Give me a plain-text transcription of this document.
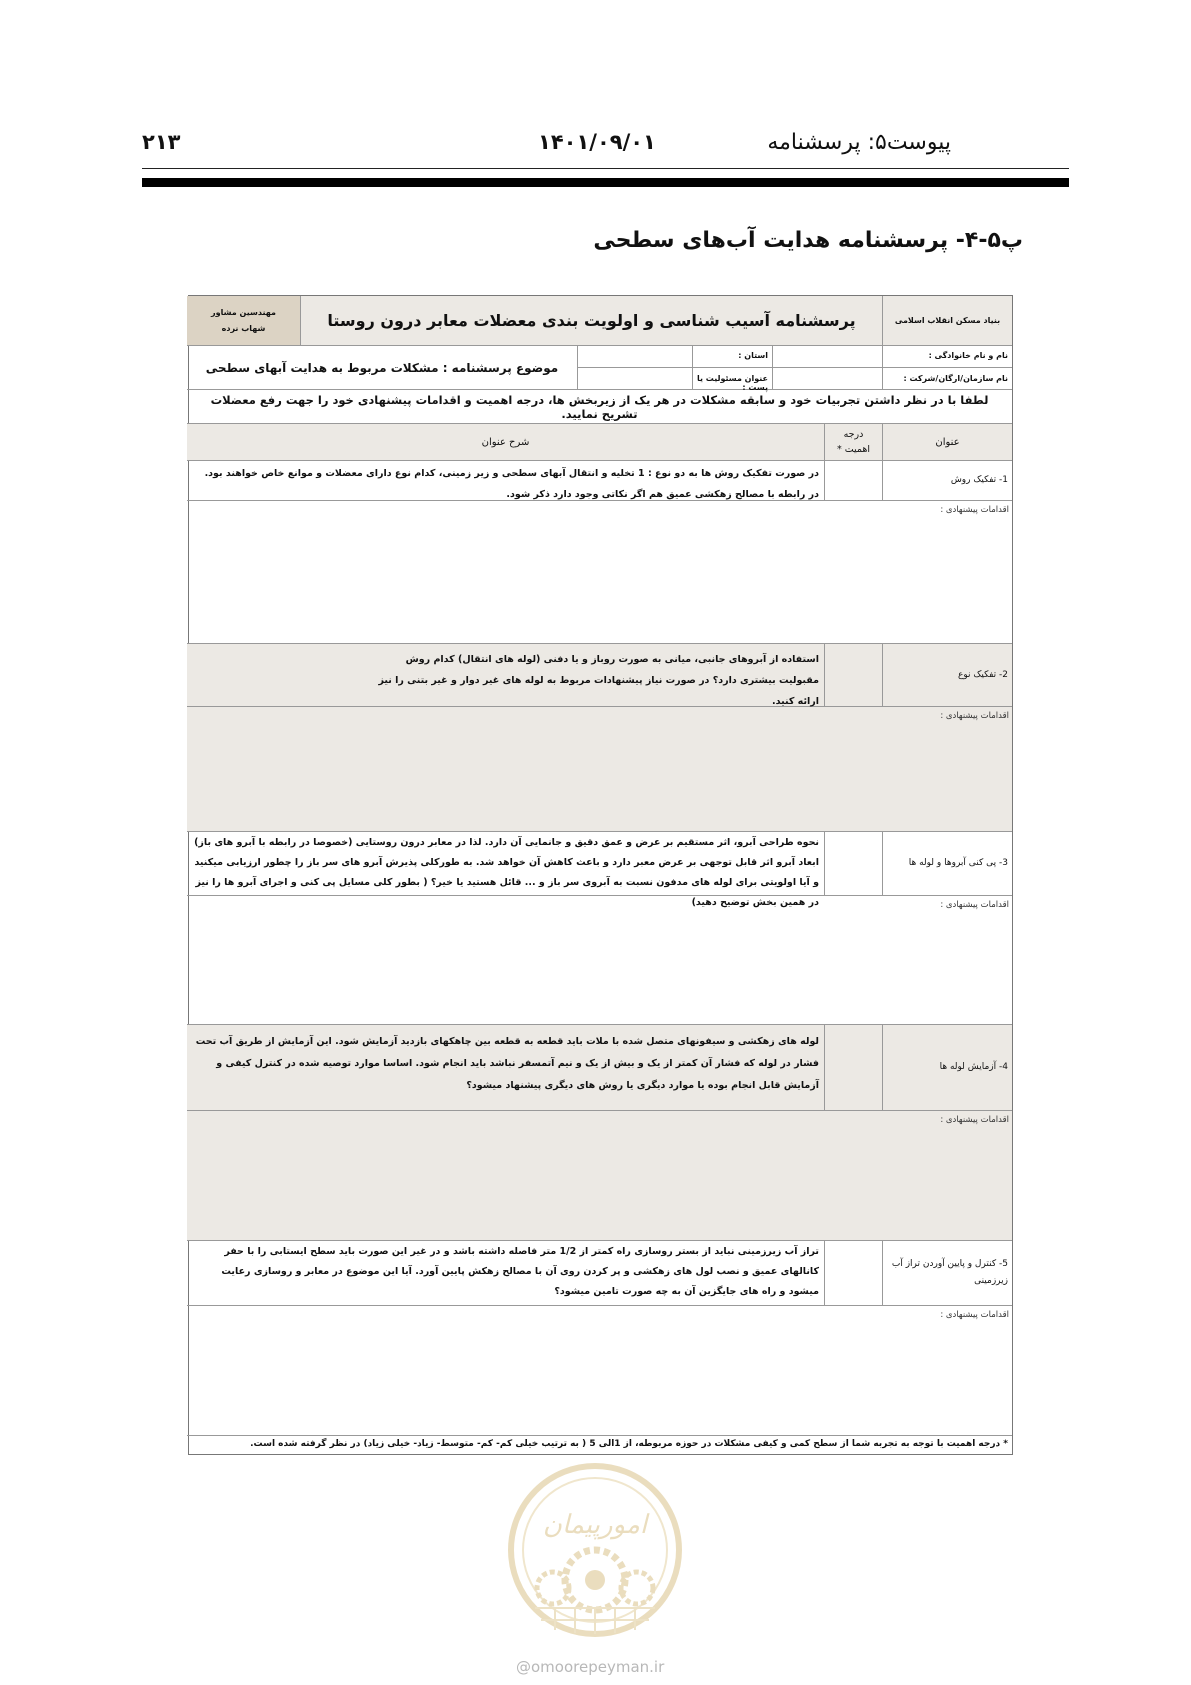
پیوست۵: پرسشنامه
۱۴۰۱/۰۹/۰۱
۲۱۳
پ۵-۴- پرسشنامه هدایت آب‌های سطحی
بنیاد مسکن انقلاب اسلامی
پرسشنامه آسیب شناسی و اولویت بندی معضلات معابر درون روستا
مهندسین مشاور
شهاب نرده
نام و نام خانوادگی :
استان :
نام سازمان/ارگان/شرکت :
عنوان مسئولیت یا پست :
موضوع پرسشنامه : مشکلات مربوط به هدایت آبهای سطحی
لطفا با در نظر داشتن تجربیات خود و سابقه مشکلات در هر یک از زیربخش ها، درجه اهمیت و اقدامات پیشنهادی خود را جهت رفع معضلات تشریح نمایید.
عنوان
درجه اهمیت *
شرح عنوان
1- تفکیک روش
در صورت تفکیک روش ها به دو نوع : 1 تخلیه و انتقال آبهای سطحی و زیر زمینی، کدام نوع دارای معضلات و موانع خاص خواهند بود. در رابطه با مصالح زهکشی عمیق هم اگر نکاتی وجود دارد ذکر شود.
اقدامات پیشنهادی :
2- تفکیک نوع
استفاده از آبروهای جانبی، میانی به صورت روباز و یا دفنی (لوله های انتقال) کدام روش مقبولیت بیشتری دارد؟ در صورت نیاز پیشنهادات مربوط به لوله های غیر دوار و غیر بتنی را نیز ارائه کنید.
اقدامات پیشنهادی :
3- پی کنی آبروها و لوله ها
نحوه طراحی آبرو، اثر مستقیم بر عرض و عمق دقیق و جانمایی آن دارد. لذا در معابر درون روستایی (خصوصا در رابطه با آبرو های باز) ابعاد آبرو اثر قابل توجهی بر عرض معبر دارد و باعث کاهش آن خواهد شد. به طورکلی پذیرش آبرو های سر باز را چطور ارزیابی میکنید و آیا اولویتی برای لوله های مدفون نسبت به آبروی سر باز و ... قائل هستید یا خیر؟ ( بطور کلی مسایل پی کنی و اجرای آبرو ها را نیز در همین بخش توضیح دهید)	اقدامات پیشنهادی :
4- آزمایش لوله ها
لوله های زهکشی و سیفونهای متصل شده با ملات باید قطعه به قطعه بین چاهکهای بازدید آزمایش شود. این آزمایش از طریق آب تحت فشار در لوله که فشار آن کمتر از یک و بیش از یک و نیم آتمسفر نباشد باید انجام شود. اساسا موارد توصیه شده در کنترل کیفی و آزمایش قابل انجام بوده یا موارد دیگری یا روش های دیگری پیشنهاد میشود؟
اقدامات پیشنهادی :
5- کنترل و پایین آوردن تراز آب زیرزمینی
تراز آب زیرزمینی نباید از بستر روسازی راه کمتر از 1/2 متر فاصله داشته باشد و در غیر این صورت باید سطح ایستابی را با حفر کانالهای عمیق و نصب لول های زهکشی و پر کردن روی آن با مصالح زهکش پایین آورد. آیا این موضوع در معابر و روسازی رعایت میشود و راه های جایگزین آن به چه صورت تامین میشود؟
اقدامات پیشنهادی :
* درجه اهمیت با توجه به تجربه شما از سطح کمی و کیفی مشکلات در حوزه مربوطه، از 1الی 5 ( به ترتیب خیلی کم- کم- متوسط- زیاد- خیلی زیاد) در نظر گرفته شده است.
امورپیمان
@omoorepeyman.ir
